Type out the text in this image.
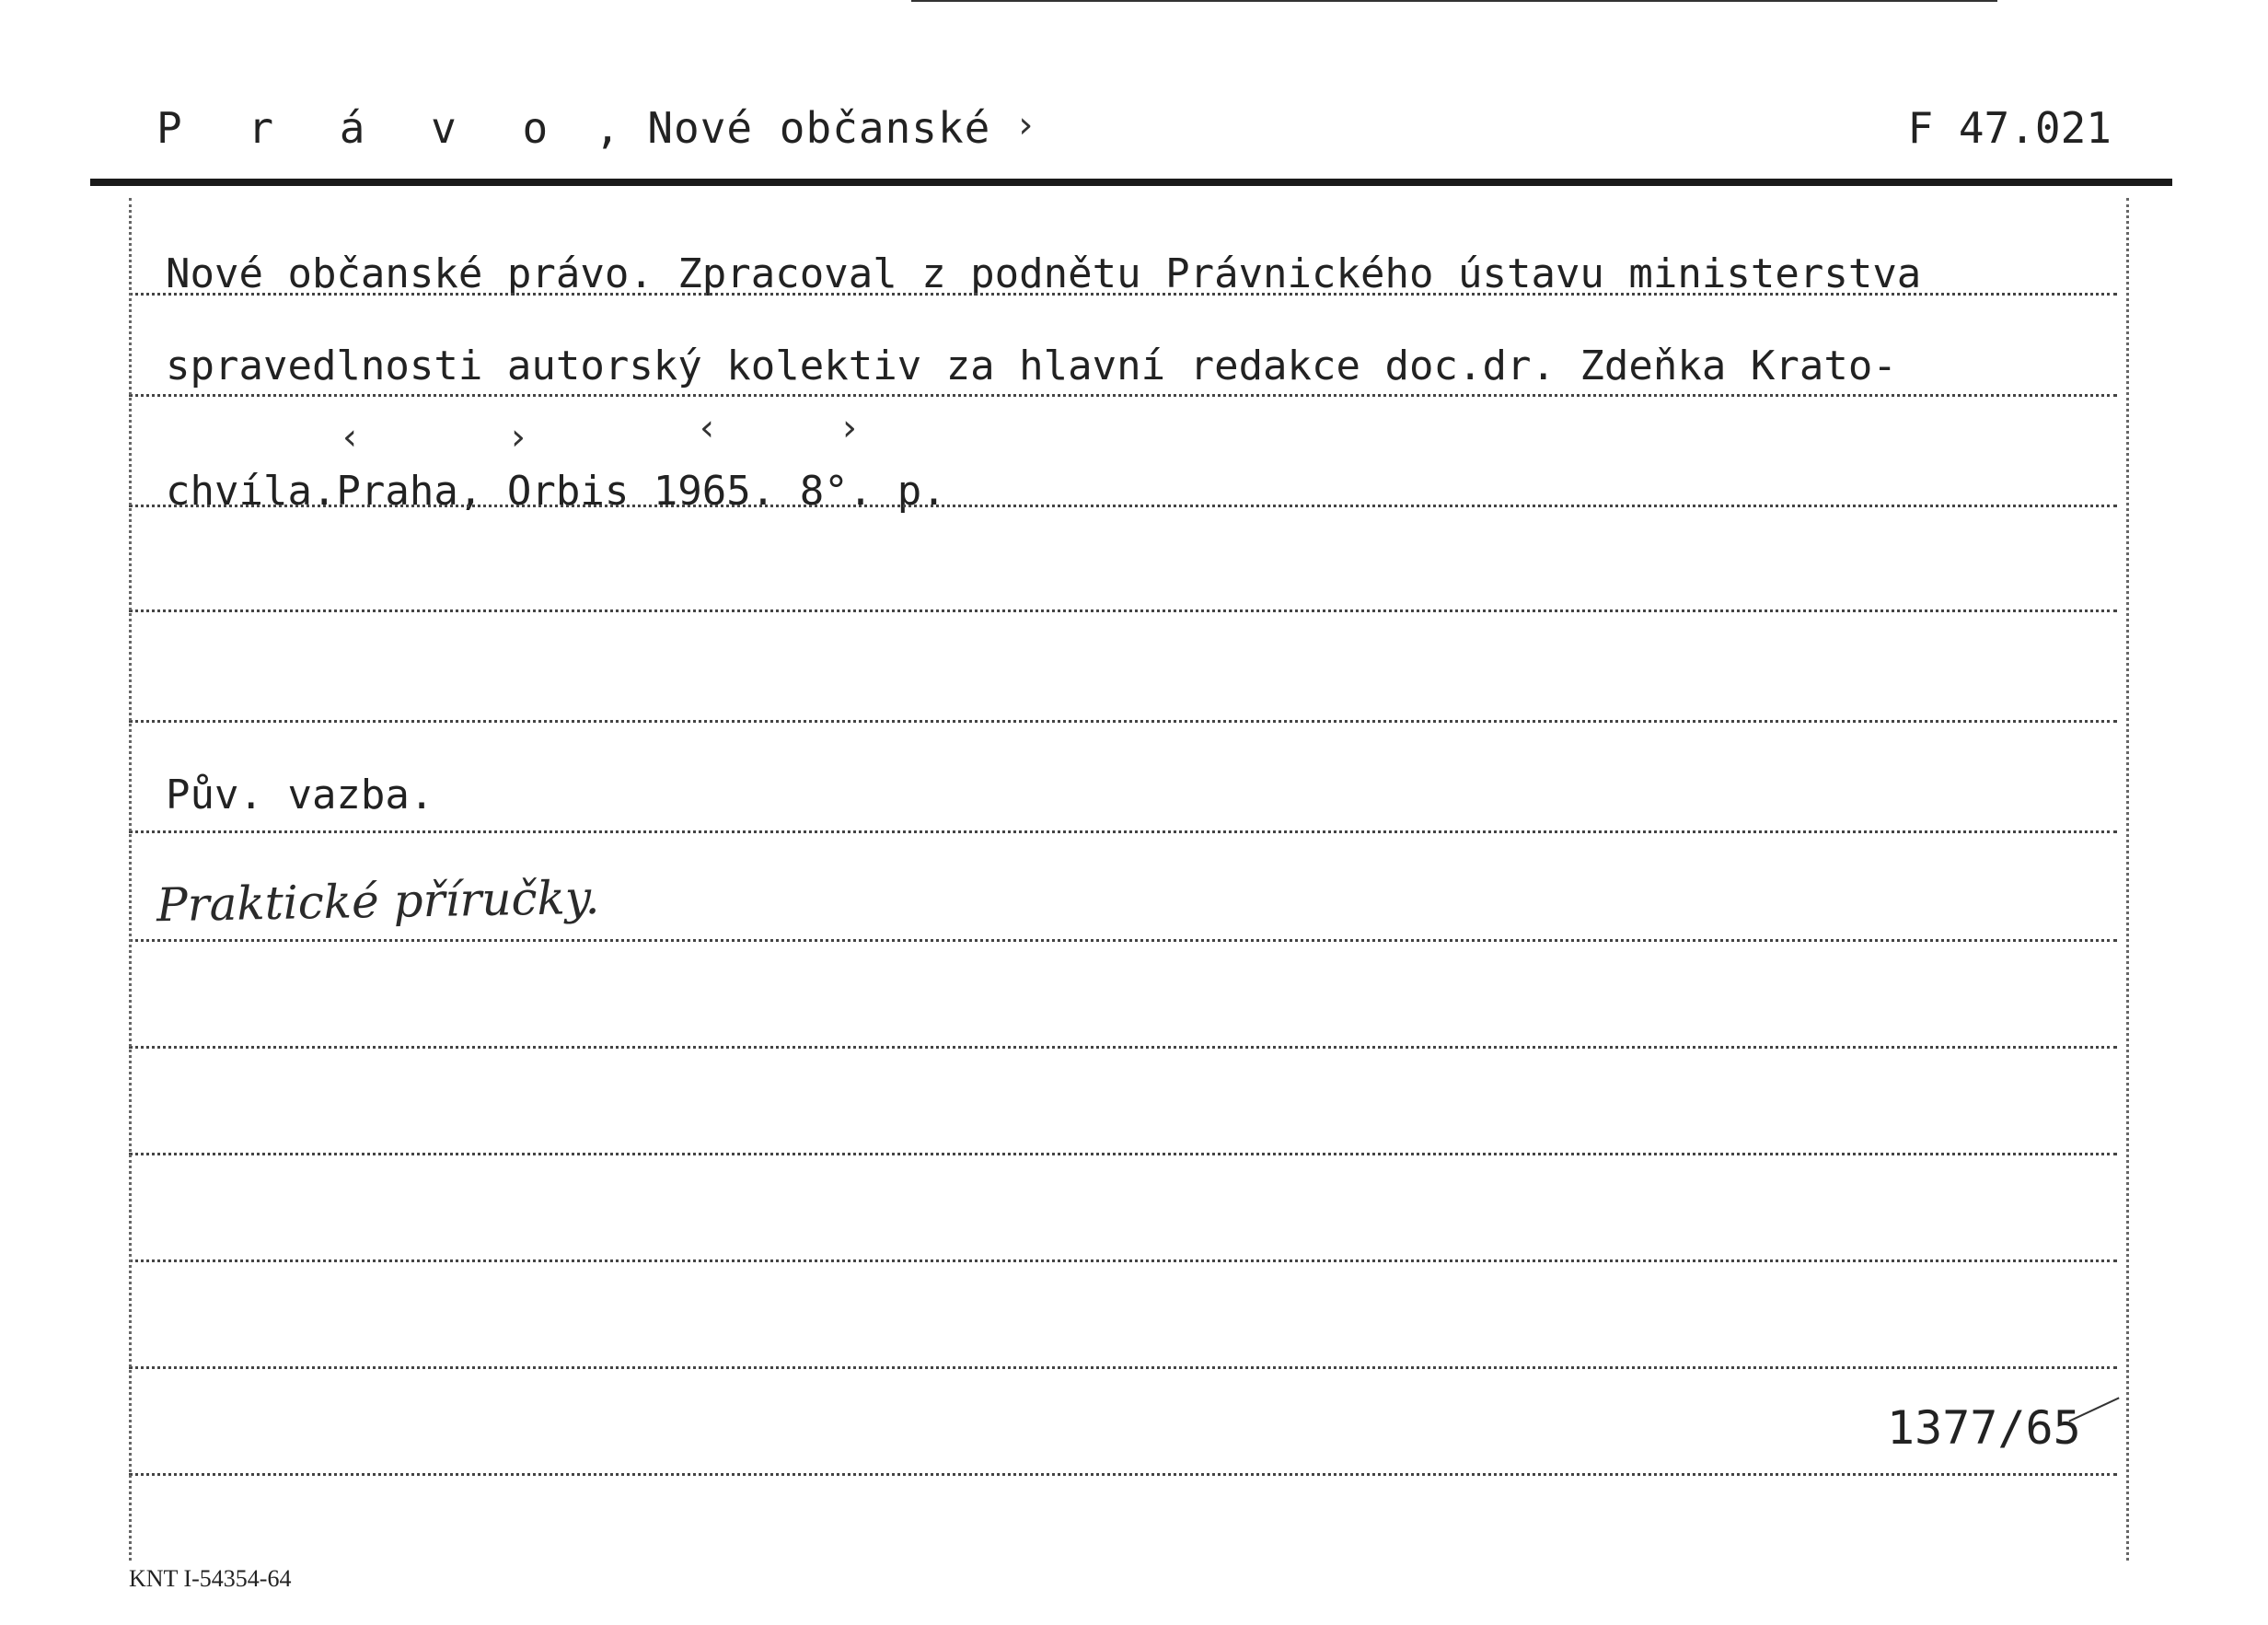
P r á v o , Nové občanské ›	F 47.021
Nové občanské právo. Zpracoval z podnětu Právnického ústavu ministerstva
spravedlnosti autorský kolektiv za hlavní redakce doc.dr. Zdeňka Krato-
‹	›	‹	›
chvíla.Praha, Orbis 1965. 8°. p.
Pův. vazba.
Praktické příručky.
1377/65
KNT I-54354-64
